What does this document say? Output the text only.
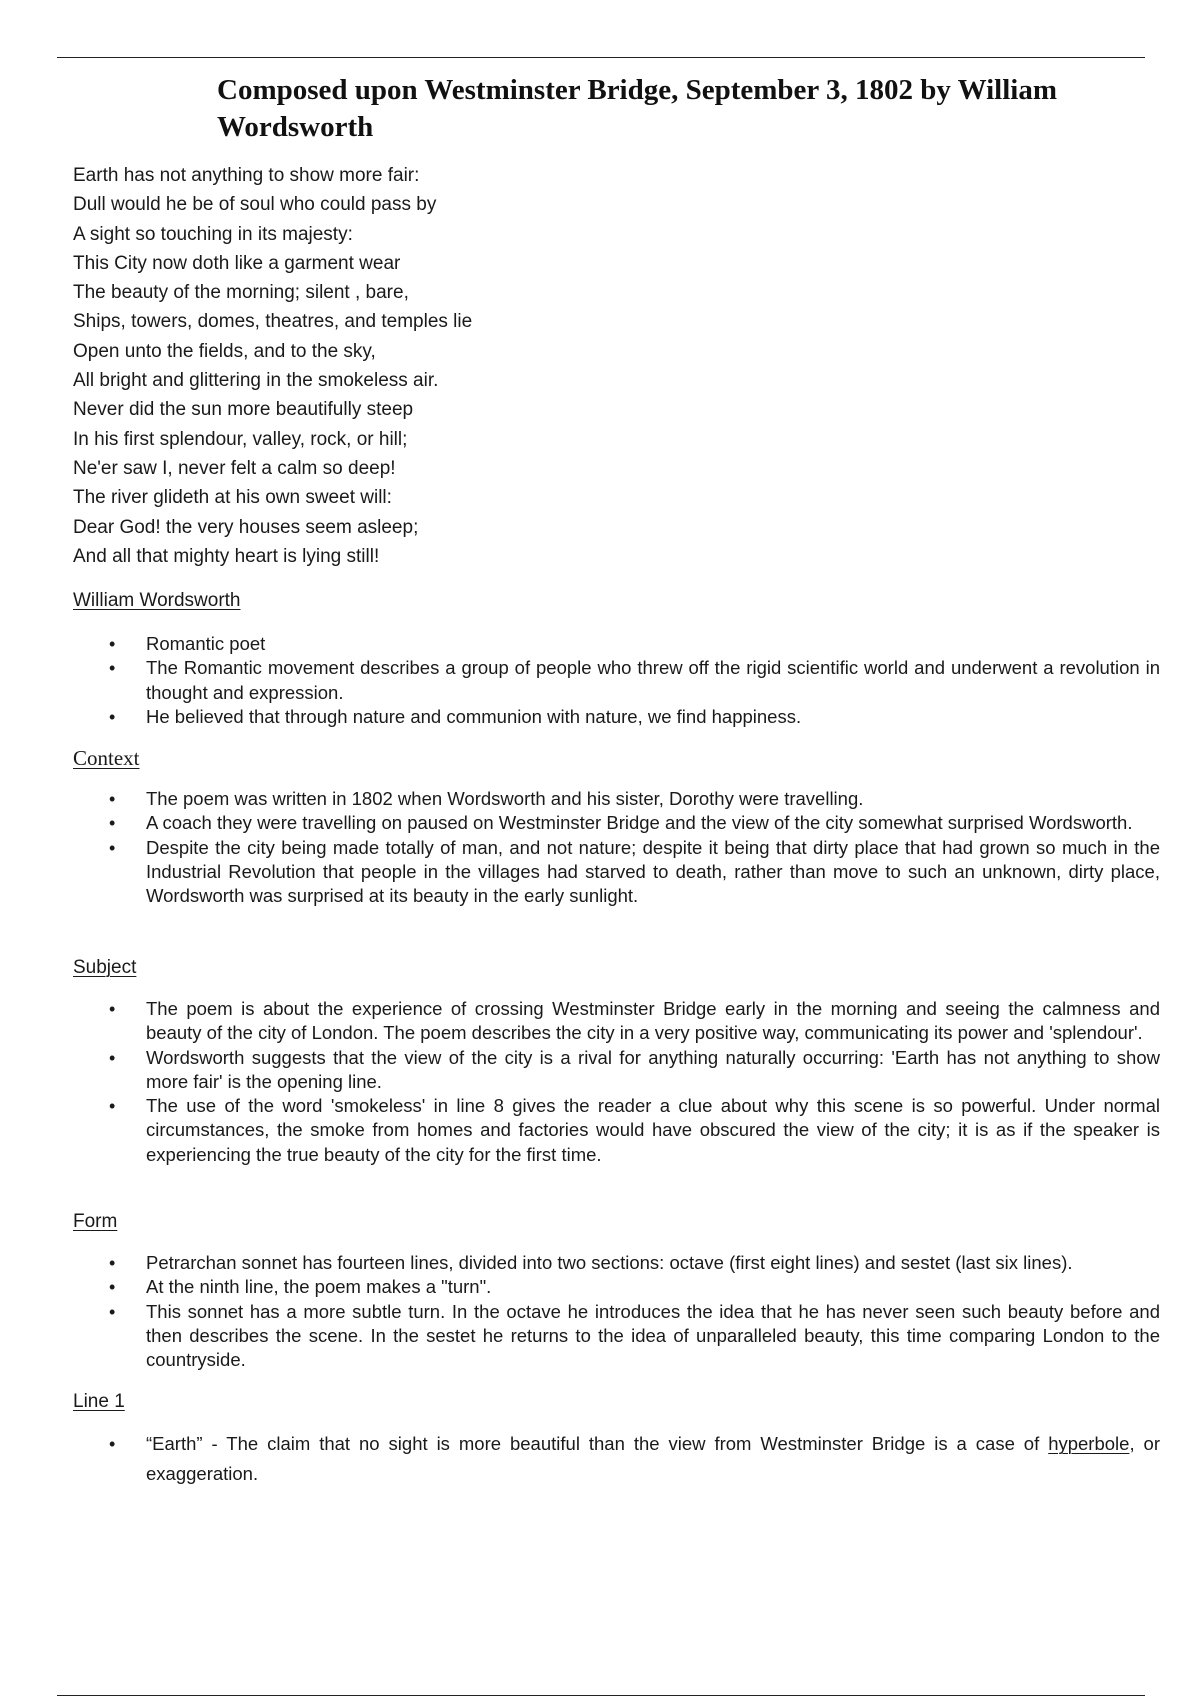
Composed upon Westminster Bridge, September 3, 1802 by William Wordsworth
Earth has not anything to show more fair:
Dull would he be of soul who could pass by
A sight so touching in its majesty:
This City now doth like a garment wear
The beauty of the morning; silent , bare,
Ships, towers, domes, theatres, and temples lie
Open unto the fields, and to the sky,
All bright and glittering in the smokeless air.
Never did the sun more beautifully steep
In his first splendour, valley, rock, or hill;
Ne'er saw I, never felt a calm so deep!
The river glideth at his own sweet will:
Dear God! the very houses seem asleep;
And all that mighty heart is lying still!
William Wordsworth
• Romantic poet
• The Romantic movement describes a group of people who threw off the rigid scientific world and underwent a revolution in thought and expression.
• He believed that through nature and communion with nature, we find happiness.
Context
• The poem was written in 1802 when Wordsworth and his sister, Dorothy were travelling.
• A coach they were travelling on paused on Westminster Bridge and the view of the city somewhat surprised Wordsworth.
• Despite the city being made totally of man, and not nature; despite it being that dirty place that had grown so much in the Industrial Revolution that people in the villages had starved to death, rather than move to such an unknown, dirty place, Wordsworth was surprised at its beauty in the early sunlight.
Subject
• The poem is about the experience of crossing Westminster Bridge early in the morning and seeing the calmness and beauty of the city of London. The poem describes the city in a very positive way, communicating its power and 'splendour'.
• Wordsworth suggests that the view of the city is a rival for anything naturally occurring: 'Earth has not anything to show more fair' is the opening line.
• The use of the word 'smokeless' in line 8 gives the reader a clue about why this scene is so powerful. Under normal circumstances, the smoke from homes and factories would have obscured the view of the city; it is as if the speaker is experiencing the true beauty of the city for the first time.
Form
• Petrarchan sonnet has fourteen lines, divided into two sections: octave (first eight lines) and sestet (last six lines).
• At the ninth line, the poem makes a "turn".
• This sonnet has a more subtle turn. In the octave he introduces the idea that he has never seen such beauty before and then describes the scene. In the sestet he returns to the idea of unparalleled beauty, this time comparing London to the countryside.
Line 1
• “Earth” - The claim that no sight is more beautiful than the view from Westminster Bridge is a case of hyperbole, or exaggeration.
